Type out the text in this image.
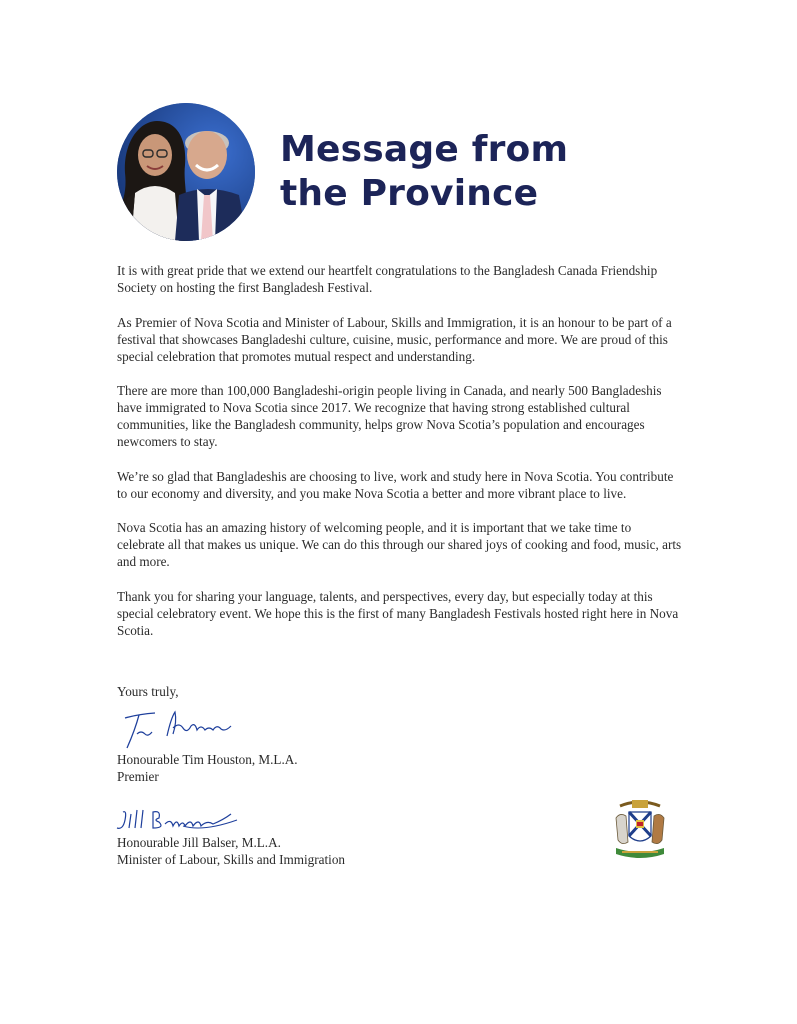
Message from
the Province

It is with great pride that we extend our heartfelt congratulations to the Bangladesh Canada Friendship Society on hosting the first Bangladesh Festival.

As Premier of Nova Scotia and Minister of Labour, Skills and Immigration, it is an honour to be part of a festival that showcases Bangladeshi culture, cuisine, music, performance and more. We are proud of this special celebration that promotes mutual respect and understanding.

There are more than 100,000 Bangladeshi-origin people living in Canada, and nearly 500 Bangladeshis have immigrated to Nova Scotia since 2017. We recognize that having strong established cultural communities, like the Bangladesh community, helps grow Nova Scotia’s population and encourages newcomers to stay.

We’re so glad that Bangladeshis are choosing to live, work and study here in Nova Scotia. You contribute to our economy and diversity, and you make Nova Scotia a better and more vibrant place to live.

Nova Scotia has an amazing history of welcoming people, and it is important that we take time to celebrate all that makes us unique. We can do this through our shared joys of cooking and food, music, arts and more.

Thank you for sharing your language, talents, and perspectives, every day, but especially today at this special celebratory event. We hope this is the first of many Bangladesh Festivals hosted right here in Nova Scotia.

Yours truly,
Honourable Tim Houston, M.L.A.
Premier
Honourable Jill Balser, M.L.A.
Minister of Labour, Skills and Immigration
